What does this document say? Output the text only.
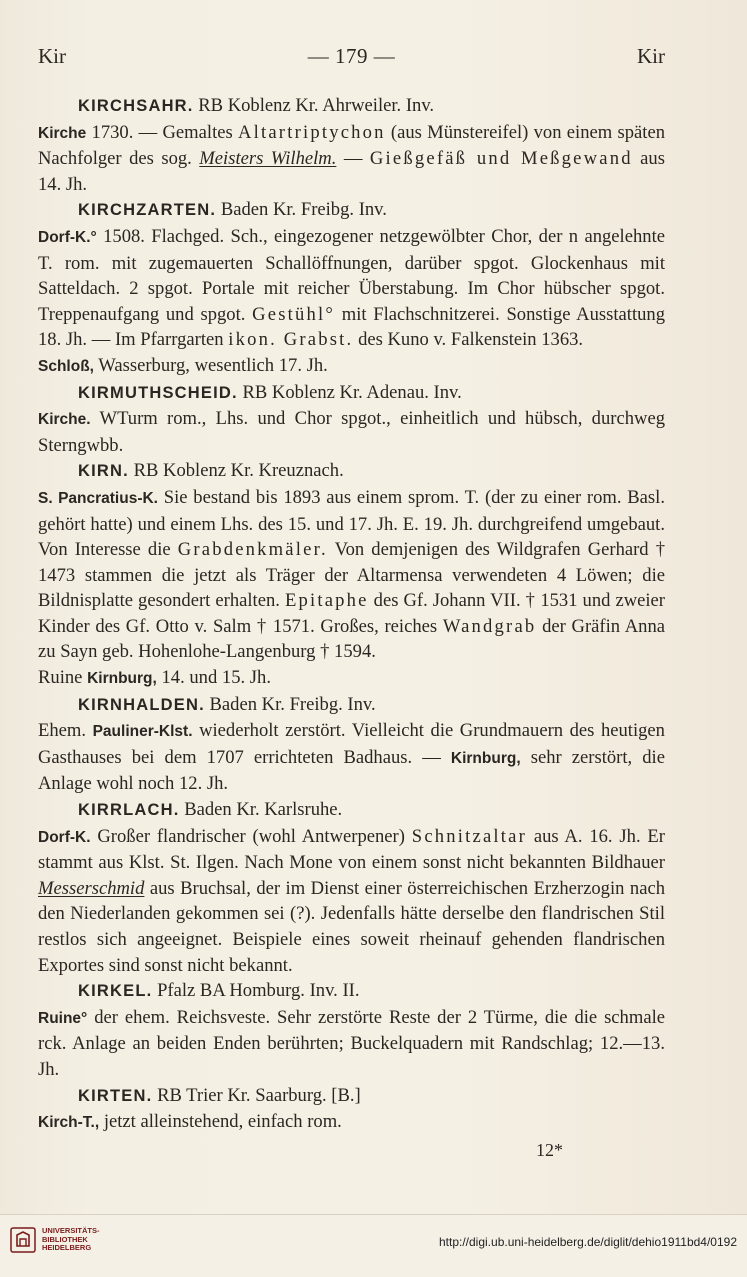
Kir	— 179 —	Kir

KIRCHSAHR. RB Koblenz Kr. Ahrweiler. Inv.
Kirche 1730. — Gemaltes Altartriptychon (aus Münstereifel) von einem späten Nachfolger des sog. Meisters Wilhelm. — Gießgefäß und Meßgewand aus 14. Jh.

KIRCHZARTEN. Baden Kr. Freibg. Inv.
Dorf-K.° 1508. Flachged. Sch., eingezogener netzgewölbter Chor, der n angelehnte T. rom. mit zugemauerten Schallöffnungen, darüber spgot. Glockenhaus mit Satteldach. 2 spgot. Portale mit reicher Überstabung. Im Chor hübscher spgot. Treppenaufgang und spgot. Gestühl° mit Flachschnitzerei. Sonstige Ausstattung 18. Jh. — Im Pfarrgarten ikon. Grabst. des Kuno v. Falkenstein 1363.
Schloß, Wasserburg, wesentlich 17. Jh.

KIRMUTHSCHEID. RB Koblenz Kr. Adenau. Inv.
Kirche. WTurm rom., Lhs. und Chor spgot., einheitlich und hübsch, durchweg Sterngwbb.

KIRN. RB Koblenz Kr. Kreuznach.
S. Pancratius-K. Sie bestand bis 1893 aus einem sprom. T. (der zu einer rom. Basl. gehört hatte) und einem Lhs. des 15. und 17. Jh. E. 19. Jh. durchgreifend umgebaut. Von Interesse die Grabdenkmäler. Von demjenigen des Wildgrafen Gerhard † 1473 stammen die jetzt als Träger der Altarmensa verwendeten 4 Löwen; die Bildnisplatte gesondert erhalten. Epitaphe des Gf. Johann VII. † 1531 und zweier Kinder des Gf. Otto v. Salm † 1571. Großes, reiches Wandgrab der Gräfin Anna zu Sayn geb. Hohenlohe-Langenburg † 1594.
Ruine Kirnburg, 14. und 15. Jh.

KIRNHALDEN. Baden Kr. Freibg. Inv.
Ehem. Pauliner-Klst. wiederholt zerstört. Vielleicht die Grundmauern des heutigen Gasthauses bei dem 1707 errichteten Badhaus. — Kirnburg, sehr zerstört, die Anlage wohl noch 12. Jh.

KIRRLACH. Baden Kr. Karlsruhe.
Dorf-K. Großer flandrischer (wohl Antwerpener) Schnitzaltar aus A. 16. Jh. Er stammt aus Klst. St. Ilgen. Nach Mone von einem sonst nicht bekannten Bildhauer Messerschmid aus Bruchsal, der im Dienst einer österreichischen Erzherzogin nach den Niederlanden gekommen sei (?). Jedenfalls hätte derselbe den flandrischen Stil restlos sich angeeignet. Beispiele eines soweit rheinauf gehenden flandrischen Exportes sind sonst nicht bekannt.

KIRKEL. Pfalz BA Homburg. Inv. II.
Ruine° der ehem. Reichsveste. Sehr zerstörte Reste der 2 Türme, die die schmale rck. Anlage an beiden Enden berührten; Buckelquadern mit Randschlag; 12.—13. Jh.

KIRTEN. RB Trier Kr. Saarburg. [B.]
Kirch-T., jetzt alleinstehend, einfach rom.

12*
UNIVERSITÄTS-
BIBLIOTHEK
HEIDELBERG	http://digi.ub.uni-heidelberg.de/diglit/dehio1911bd4/0192
